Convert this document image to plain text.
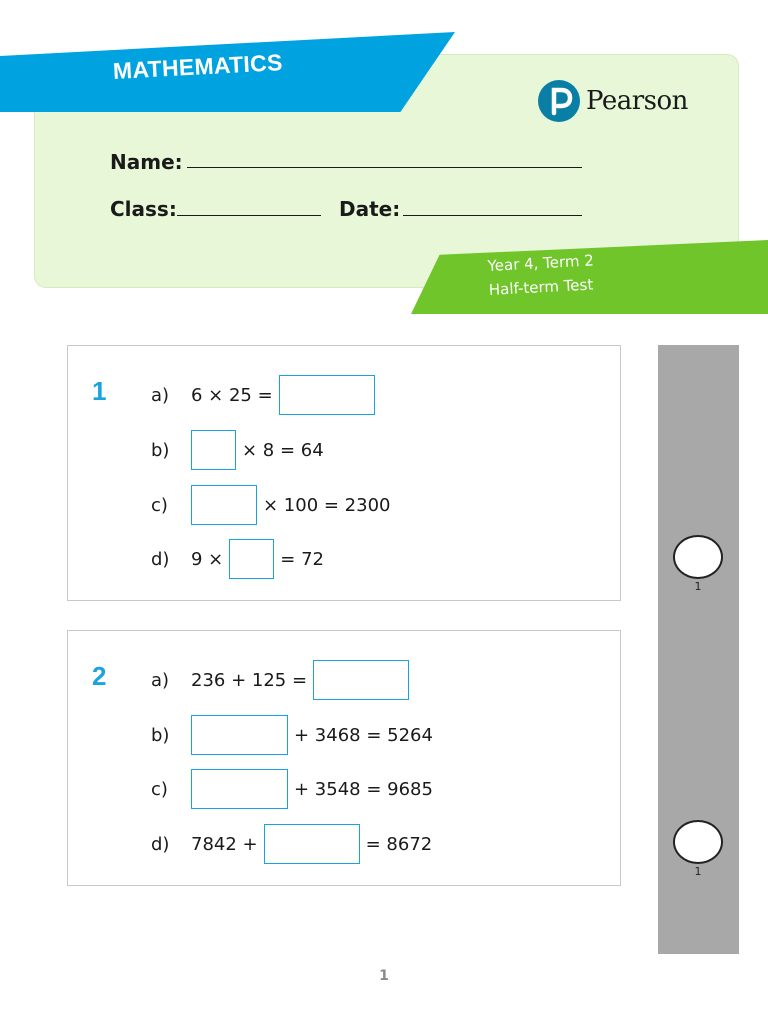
MATHEMATICS
Pearson
Name:
Class:	Date:
Year 4, Term 2
Half-term Test
1
1
1 a)	6 × 25 =
b)	× 8 = 64
c)	× 100 = 2300
d)	9 ×	= 72
2 a)	236 + 125 =
b)	+ 3468 = 5264
c)	+ 3548 = 9685
d)	7842 +	= 8672
1
